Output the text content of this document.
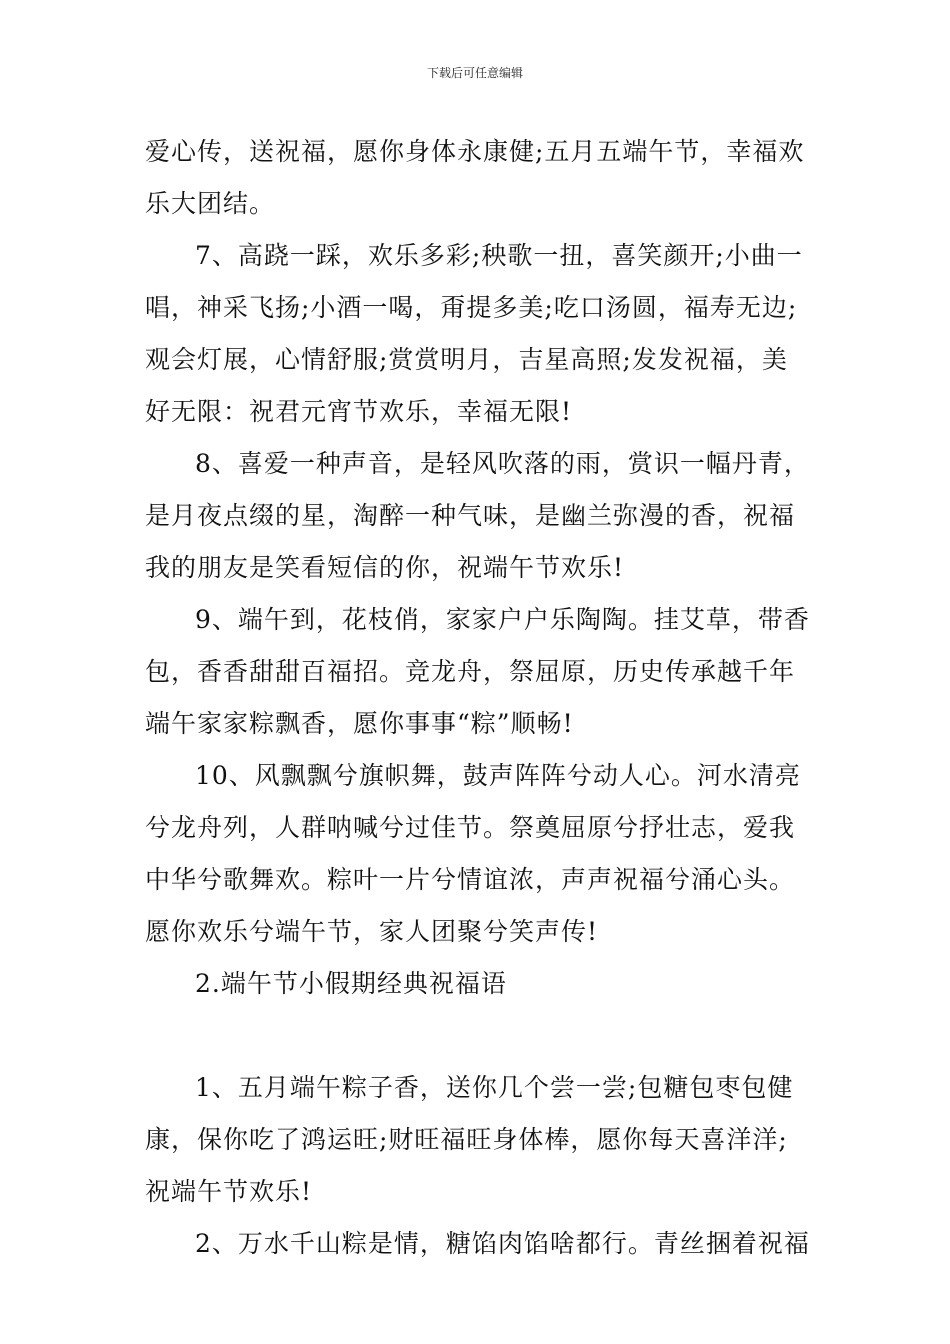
下载后可任意编辑
爱心传，送祝福，愿你身体永康健;五月五端午节，幸福欢
乐大团结。
7、高跷一踩，欢乐多彩;秧歌一扭，喜笑颜开;小曲一
唱，神采飞扬;小酒一喝，甭提多美;吃口汤圆，福寿无边;
观会灯展，心情舒服;赏赏明月，吉星高照;发发祝福，美
好无限：祝君元宵节欢乐，幸福无限!
8、喜爱一种声音，是轻风吹落的雨，赏识一幅丹青，
是月夜点缀的星，淘醉一种气味，是幽兰弥漫的香，祝福
我的朋友是笑看短信的你，祝端午节欢乐!
9、端午到，花枝俏，家家户户乐陶陶。挂艾草，带香
包，香香甜甜百福招。竞龙舟，祭屈原，历史传承越千年
端午家家粽飘香，愿你事事“粽”顺畅!
10、风飘飘兮旗帜舞，鼓声阵阵兮动人心。河水清亮
兮龙舟列，人群呐喊兮过佳节。祭奠屈原兮抒壮志，爱我
中华兮歌舞欢。粽叶一片兮情谊浓，声声祝福兮涌心头。
愿你欢乐兮端午节，家人团聚兮笑声传!
2.端午节小假期经典祝福语
1、五月端午粽子香，送你几个尝一尝;包糖包枣包健
康，保你吃了鸿运旺;财旺福旺身体棒，愿你每天喜洋洋;
祝端午节欢乐!
2、万水千山粽是情，糖馅肉馅啥都行。青丝捆着祝福
